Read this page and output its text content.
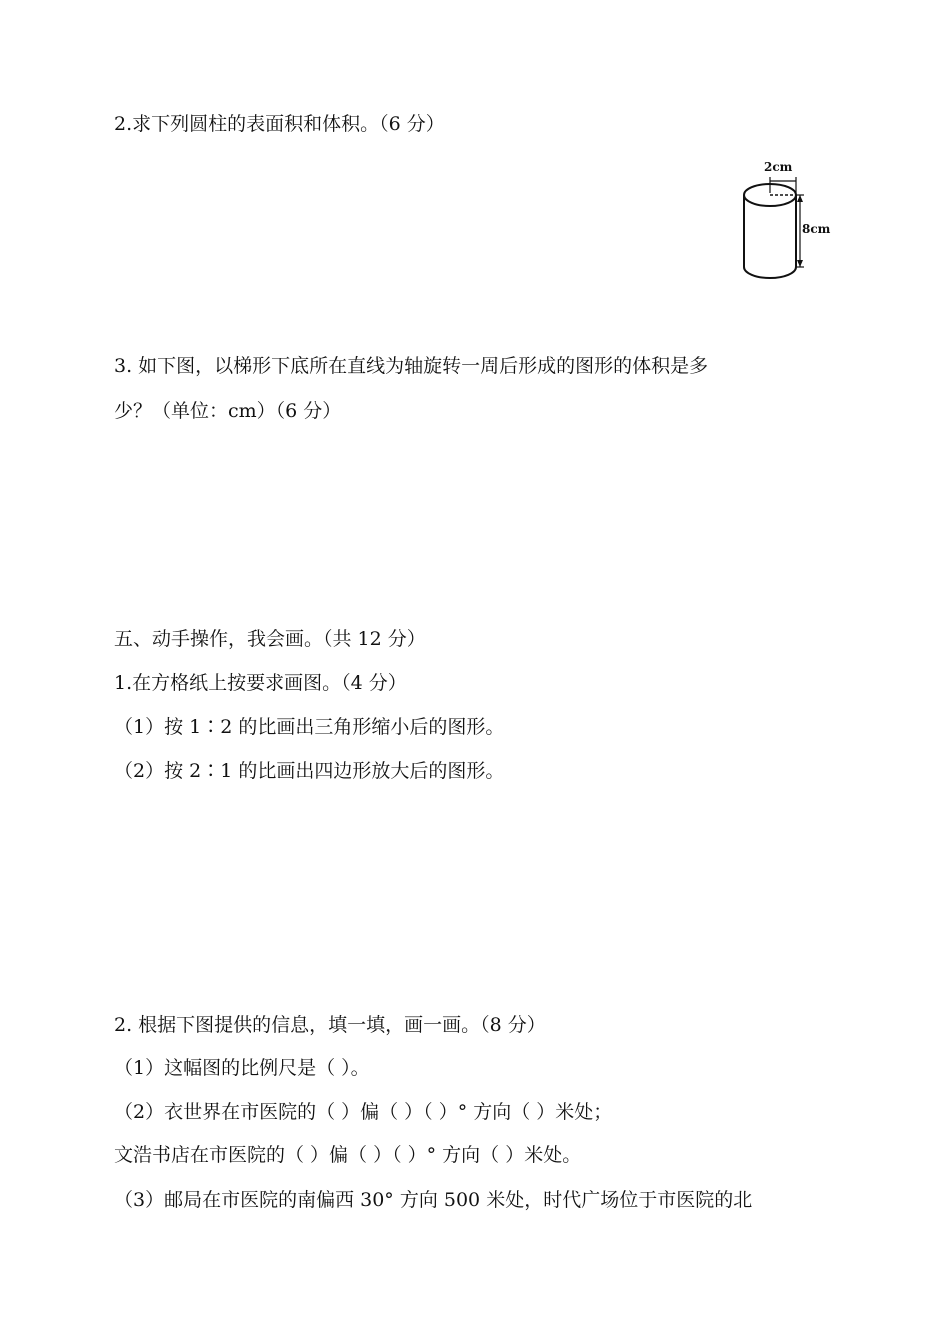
2.求下列圆柱的表面积和体积。（6 分）
2cm
8cm
3. 如下图，以梯形下底所在直线为轴旋转一周后形成的图形的体积是多
少？（单位：cm）（6 分）
五、动手操作，我会画。（共 12 分）
1.在方格纸上按要求画图。（4 分）
（1）按 1∶2 的比画出三角形缩小后的图形。
（2）按 2∶1 的比画出四边形放大后的图形。
2. 根据下图提供的信息，填一填，画一画。（8 分）
（1）这幅图的比例尺是（ ）。
（2）衣世界在市医院的（ ）偏（ ）（ ）° 方向（ ）米处；
文浩书店在市医院的（ ）偏（ ）（ ）° 方向（ ）米处。
（3）邮局在市医院的南偏西 30° 方向 500 米处，时代广场位于市医院的北
